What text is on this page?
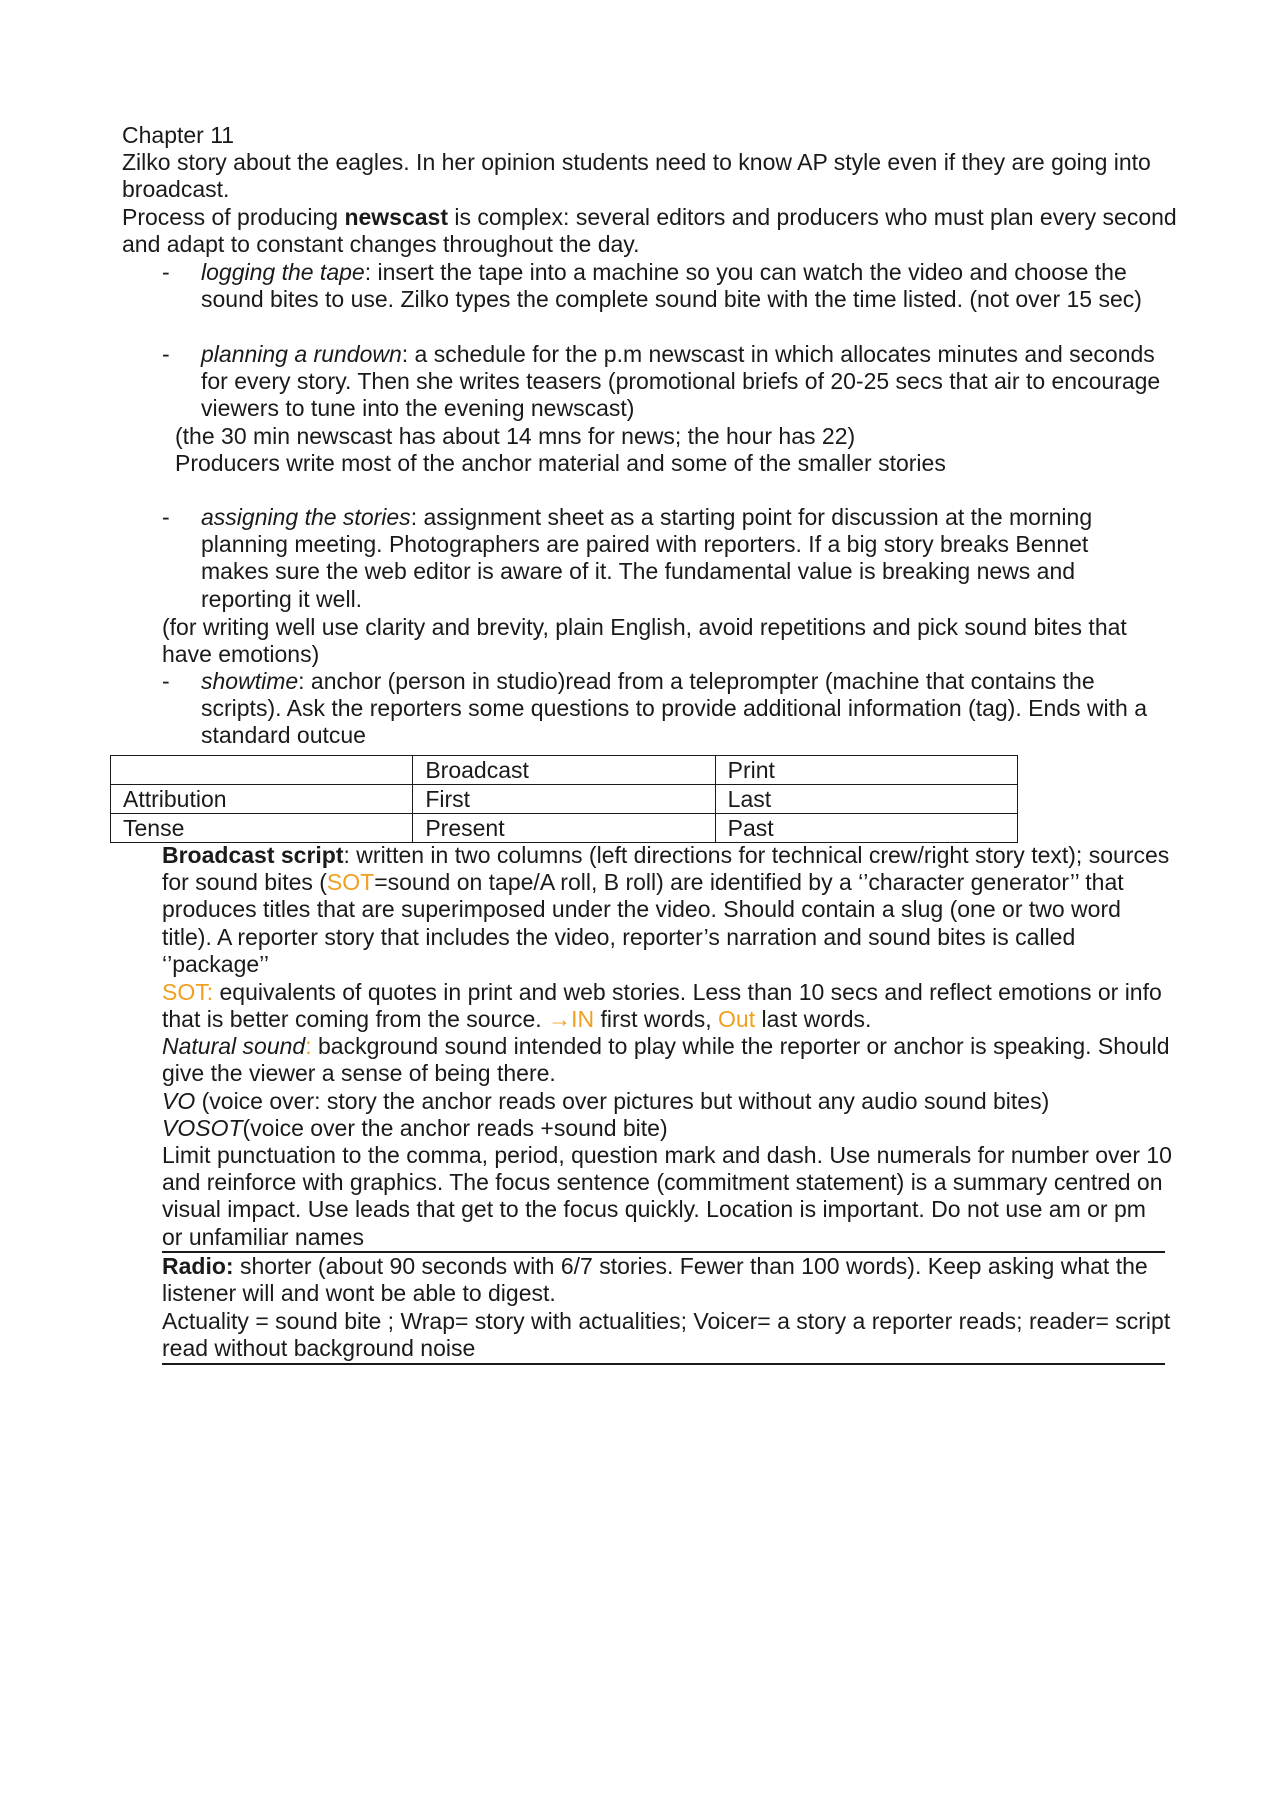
Chapter 11

Zilko story about the eagles. In her opinion students need to know AP style even if they are going into broadcast.

Process of producing newscast is complex: several editors and producers who must plan every second and adapt to constant changes throughout the day.

- logging the tape: insert the tape into a machine so you can watch the video and choose the sound bites to use. Zilko types the complete sound bite with the time listed. (not over 15 sec)

- planning a rundown: a schedule for the p.m newscast in which allocates minutes and seconds for every story. Then she writes teasers (promotional briefs of 20-25 secs that air to encourage viewers to tune into the evening newscast)

(the 30 min newscast has about 14 mns for news; the hour has 22)

Producers write most of the anchor material and some of the smaller stories

- assigning the stories: assignment sheet as a starting point for discussion at the morning planning meeting. Photographers are paired with reporters. If a big story breaks Bennet makes sure the web editor is aware of it. The fundamental value is breaking news and reporting it well.

(for writing well use clarity and brevity, plain English, avoid repetitions and pick sound bites that have emotions)

- showtime: anchor (person in studio)read from a teleprompter (machine that contains the scripts). Ask the reporters some questions to provide additional information (tag). Ends with a standard outcue

	Broadcast	Print
Attribution	First	Last
Tense	Present	Past

Broadcast script: written in two columns (left directions for technical crew/right story text); sources for sound bites (SOT=sound on tape/A roll, B roll) are identified by a ‘’character generator’’ that produces titles that are superimposed under the video. Should contain a slug (one or two word title). A reporter story that includes the video, reporter’s narration and sound bites is called ‘’package’’

SOT: equivalents of quotes in print and web stories. Less than 10 secs and reflect emotions or info that is better coming from the source. →IN first words, Out last words.

Natural sound: background sound intended to play while the reporter or anchor is speaking. Should give the viewer a sense of being there.

VO (voice over: story the anchor reads over pictures but without any audio sound bites)

VOSOT(voice over the anchor reads +sound bite)

Limit punctuation to the comma, period, question mark and dash. Use numerals for number over 10 and reinforce with graphics. The focus sentence (commitment statement) is a summary centred on visual impact. Use leads that get to the focus quickly. Location is important. Do not use am or pm or unfamiliar names

Radio: shorter (about 90 seconds with 6/7 stories. Fewer than 100 words). Keep asking what the listener will and wont be able to digest.

Actuality = sound bite ; Wrap= story with actualities; Voicer= a story a reporter reads; reader= script read without background noise
